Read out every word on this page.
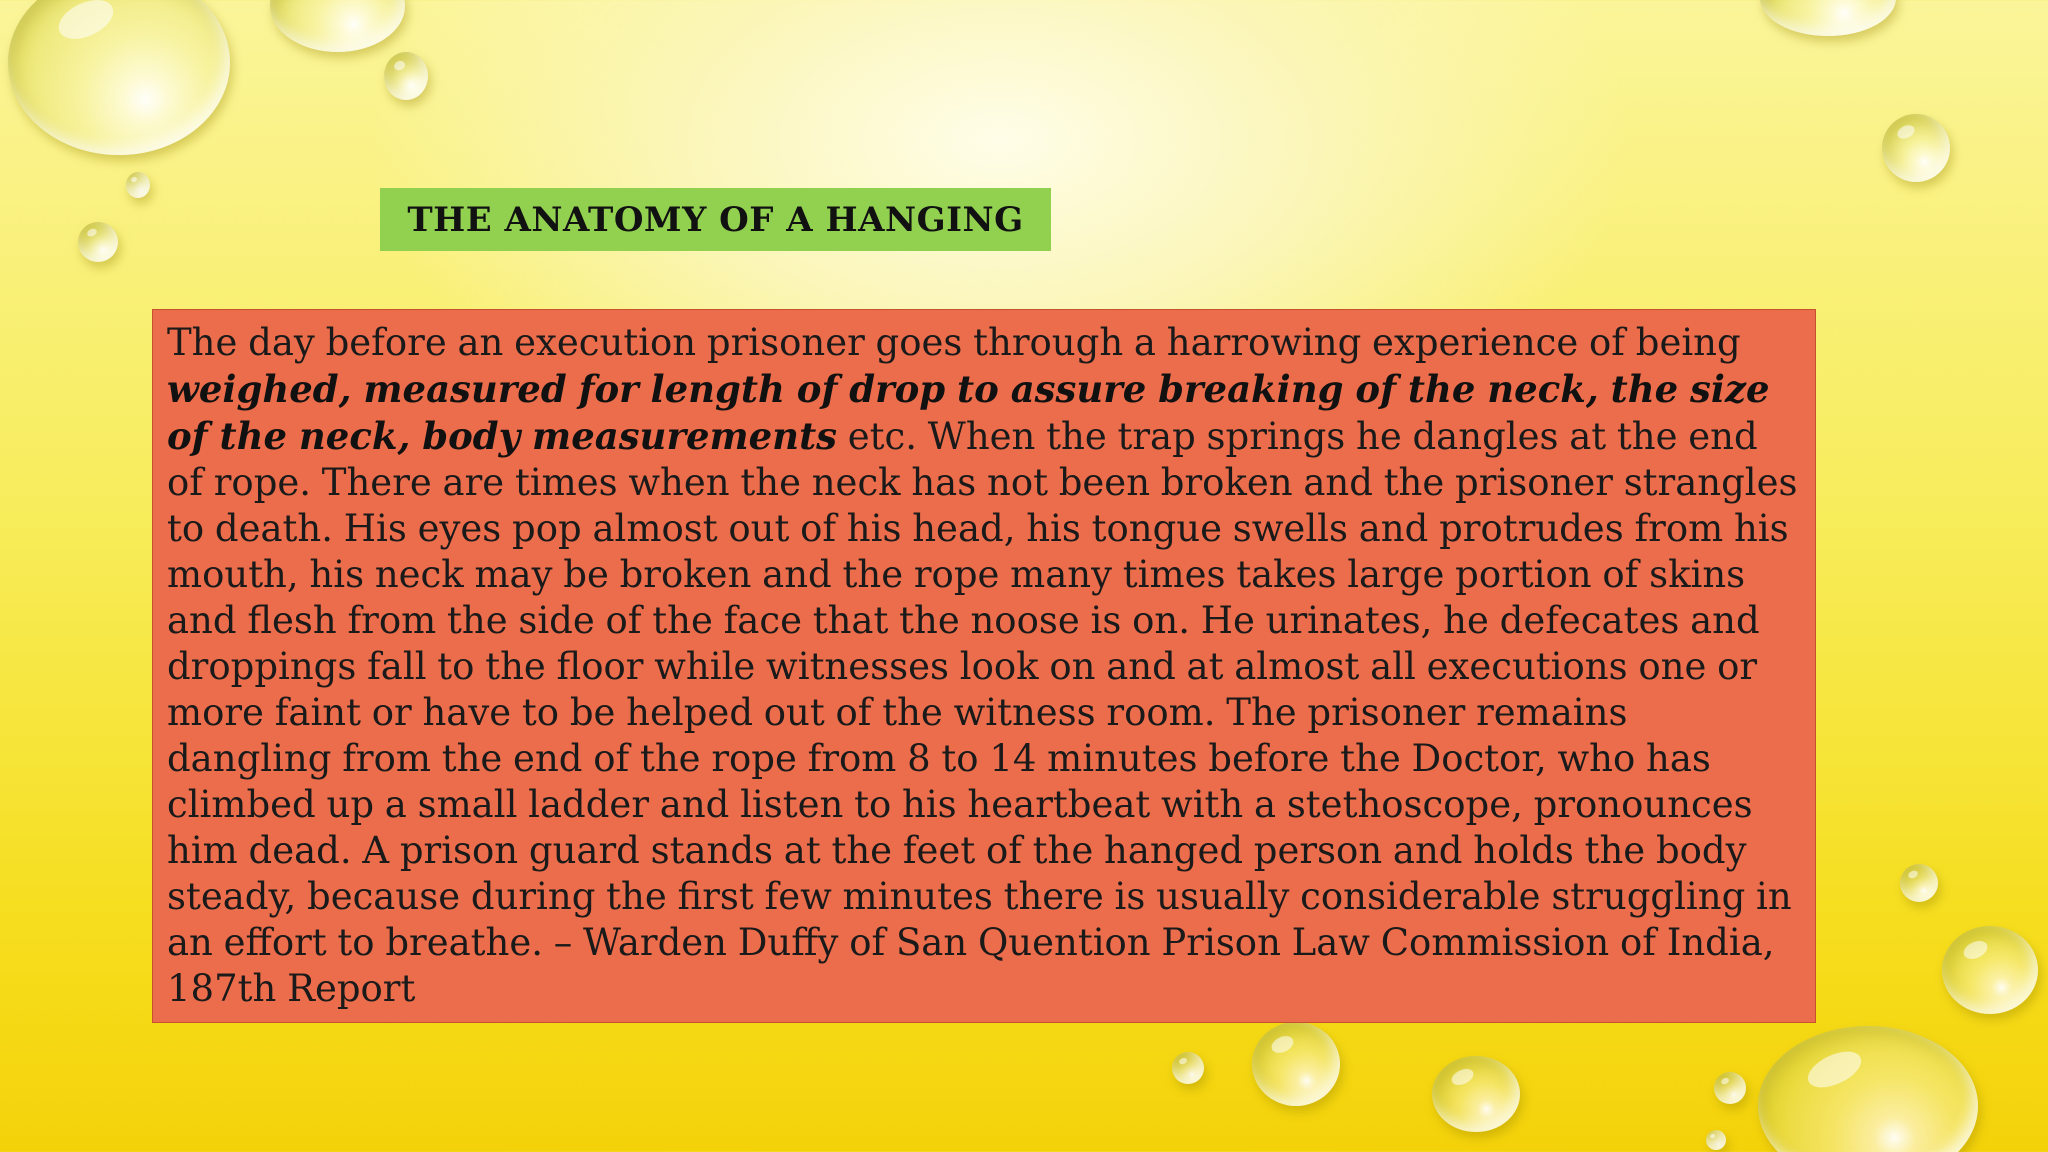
THE ANATOMY OF A HANGING

The day before an execution prisoner goes through a harrowing experience of being weighed, measured for length of drop to assure breaking of the neck, the size of the neck, body measurements etc. When the trap springs he dangles at the end of rope. There are times when the neck has not been broken and the prisoner strangles to death. His eyes pop almost out of his head, his tongue swells and protrudes from his mouth, his neck may be broken and the rope many times takes large portion of skins and flesh from the side of the face that the noose is on. He urinates, he defecates and droppings fall to the floor while witnesses look on and at almost all executions one or more faint or have to be helped out of the witness room. The prisoner remains dangling from the end of the rope from 8 to 14 minutes before the Doctor, who has climbed up a small ladder and listen to his heartbeat with a stethoscope, pronounces him dead. A prison guard stands at the feet of the hanged person and holds the body steady, because during the first few minutes there is usually considerable struggling in an effort to breathe. – Warden Duffy of San Quention Prison Law Commission of India, 187th Report
